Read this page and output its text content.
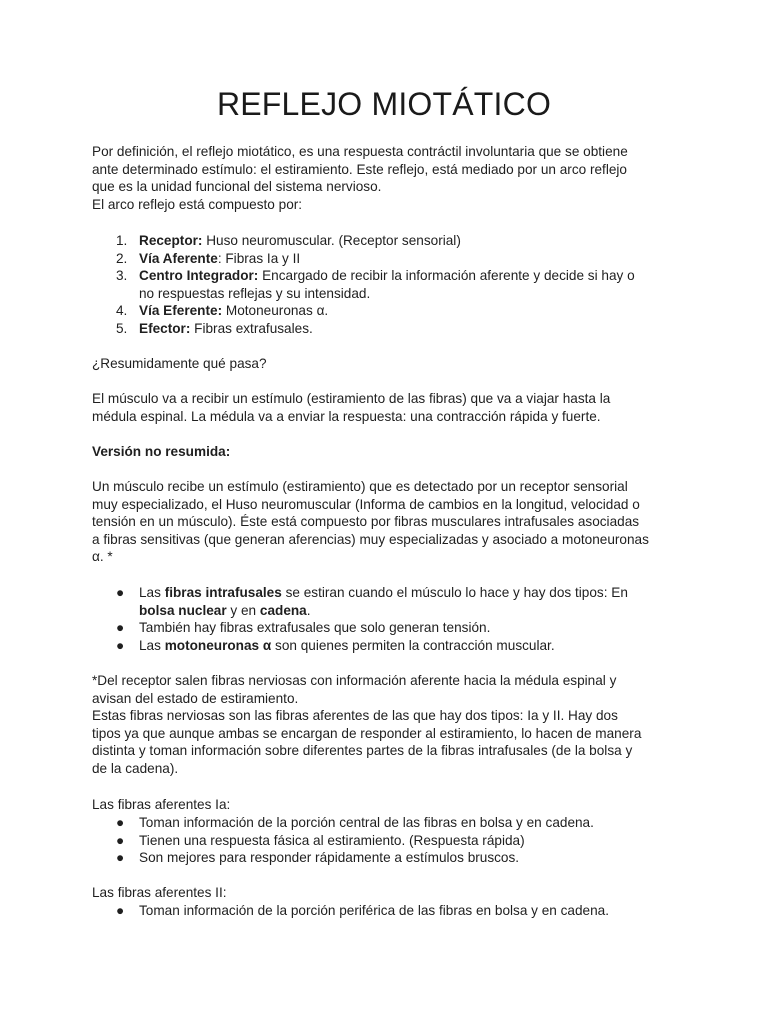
REFLEJO MIOTÁTICO

Por definición, el reflejo miotático, es una respuesta contráctil involuntaria que se obtiene

ante determinado estímulo: el estiramiento. Este reflejo, está mediado por un arco reflejo

que es la unidad funcional del sistema nervioso.

El arco reflejo está compuesto por:

1. Receptor: Huso neuromuscular. (Receptor sensorial)
2. Vía Aferente: Fibras Ia y II
3. Centro Integrador: Encargado de recibir la información aferente y decide si hay o
no respuestas reflejas y su intensidad.
4. Vía Eferente: Motoneuronas α.
5. Efector: Fibras extrafusales.

¿Resumidamente qué pasa?

El músculo va a recibir un estímulo (estiramiento de las fibras) que va a viajar hasta la

médula espinal. La médula va a enviar la respuesta: una contracción rápida y fuerte.

Versión no resumida:

Un músculo recibe un estímulo (estiramiento) que es detectado por un receptor sensorial

muy especializado, el Huso neuromuscular (Informa de cambios en la longitud, velocidad o

tensión en un músculo). Éste está compuesto por fibras musculares intrafusales asociadas

a fibras sensitivas (que generan aferencias) muy especializadas y asociado a motoneuronas

α. *

● Las fibras intrafusales se estiran cuando el músculo lo hace y hay dos tipos: En
bolsa nuclear y en cadena.
● También hay fibras extrafusales que solo generan tensión.
● Las motoneuronas α son quienes permiten la contracción muscular.

*Del receptor salen fibras nerviosas con información aferente hacia la médula espinal y

avisan del estado de estiramiento.

Estas fibras nerviosas son las fibras aferentes de las que hay dos tipos: Ia y II. Hay dos

tipos ya que aunque ambas se encargan de responder al estiramiento, lo hacen de manera

distinta y toman información sobre diferentes partes de la fibras intrafusales (de la bolsa y

de la cadena).

Las fibras aferentes Ia:

● Toman información de la porción central de las fibras en bolsa y en cadena.
● Tienen una respuesta fásica al estiramiento. (Respuesta rápida)
● Son mejores para responder rápidamente a estímulos bruscos.

Las fibras aferentes II:

● Toman información de la porción periférica de las fibras en bolsa y en cadena.
